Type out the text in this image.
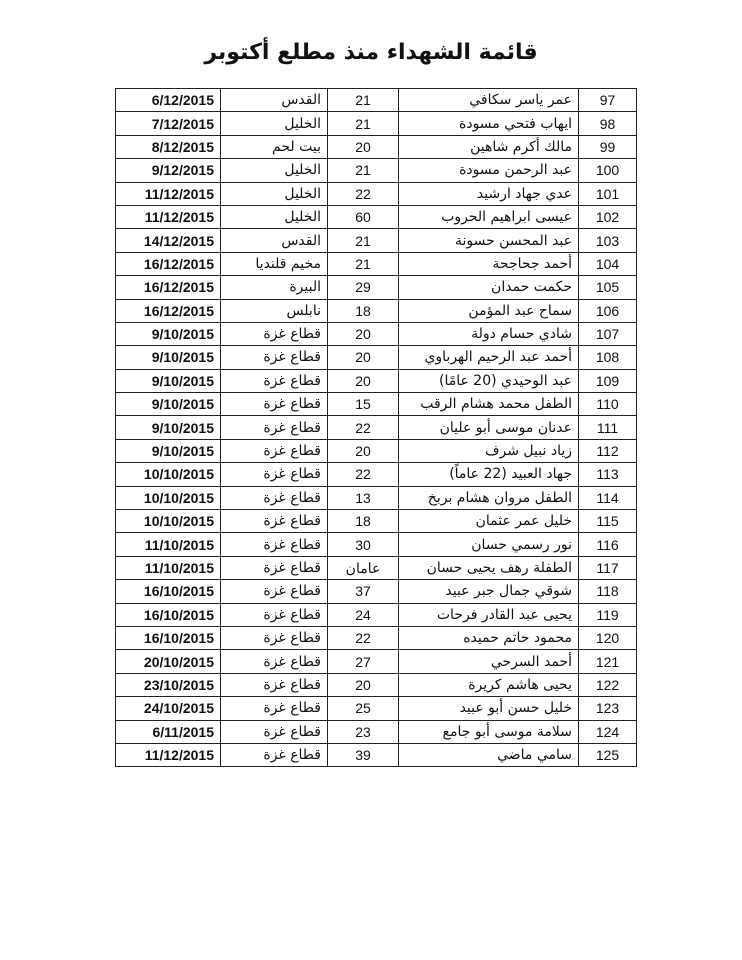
قائمة الشهداء منذ مطلع أكتوبر
6/12/2015	القدس	21	عمر ياسر سكافي	97
7/12/2015	الخليل	21	ايهاب فتحي مسودة	98
8/12/2015	بيت لحم	20	مالك أكرم شاهين	99
9/12/2015	الخليل	21	عبد الرحمن مسودة	100
11/12/2015	الخليل	22	عدي جهاد ارشيد	101
11/12/2015	الخليل	60	عيسى ابراهيم الحروب	102
14/12/2015	القدس	21	عبد المحسن حسونة	103
16/12/2015	مخيم قلنديا	21	أحمد جحاجحة	104
16/12/2015	البيرة	29	حكمت حمدان	105
16/12/2015	نابلس	18	سماح عبد المؤمن	106
9/10/2015	قطاع غزة	20	شادي حسام دولة	107
9/10/2015	قطاع غزة	20	أحمد عبد الرحيم الهرباوي	108
9/10/2015	قطاع غزة	20	عبد الوحيدي (20 عامًا)	109
9/10/2015	قطاع غزة	15	الطفل محمد هشام الرقب	110
9/10/2015	قطاع غزة	22	عدنان موسى أبو عليان	111
9/10/2015	قطاع غزة	20	زياد نبيل شرف	112
10/10/2015	قطاع غزة	22	جهاد العبيد (22 عاماً)	113
10/10/2015	قطاع غزة	13	الطفل مروان هشام بربخ	114
10/10/2015	قطاع غزة	18	خليل عمر عثمان	115
11/10/2015	قطاع غزة	30	نور رسمي حسان	116
11/10/2015	قطاع غزة	عامان	الطفلة رهف يحيى حسان	117
16/10/2015	قطاع غزة	37	شوقي جمال جبر عبيد	118
16/10/2015	قطاع غزة	24	يحيى عبد القادر فرحات	119
16/10/2015	قطاع غزة	22	محمود حاتم حميده	120
20/10/2015	قطاع غزة	27	أحمد السرحي	121
23/10/2015	قطاع غزة	20	يحيى هاشم كريرة	122
24/10/2015	قطاع غزة	25	خليل حسن أبو عبيد	123
6/11/2015	قطاع غزة	23	سلامة موسى أبو جامع	124
11/12/2015	قطاع غزة	39	سامي ماضي	125
